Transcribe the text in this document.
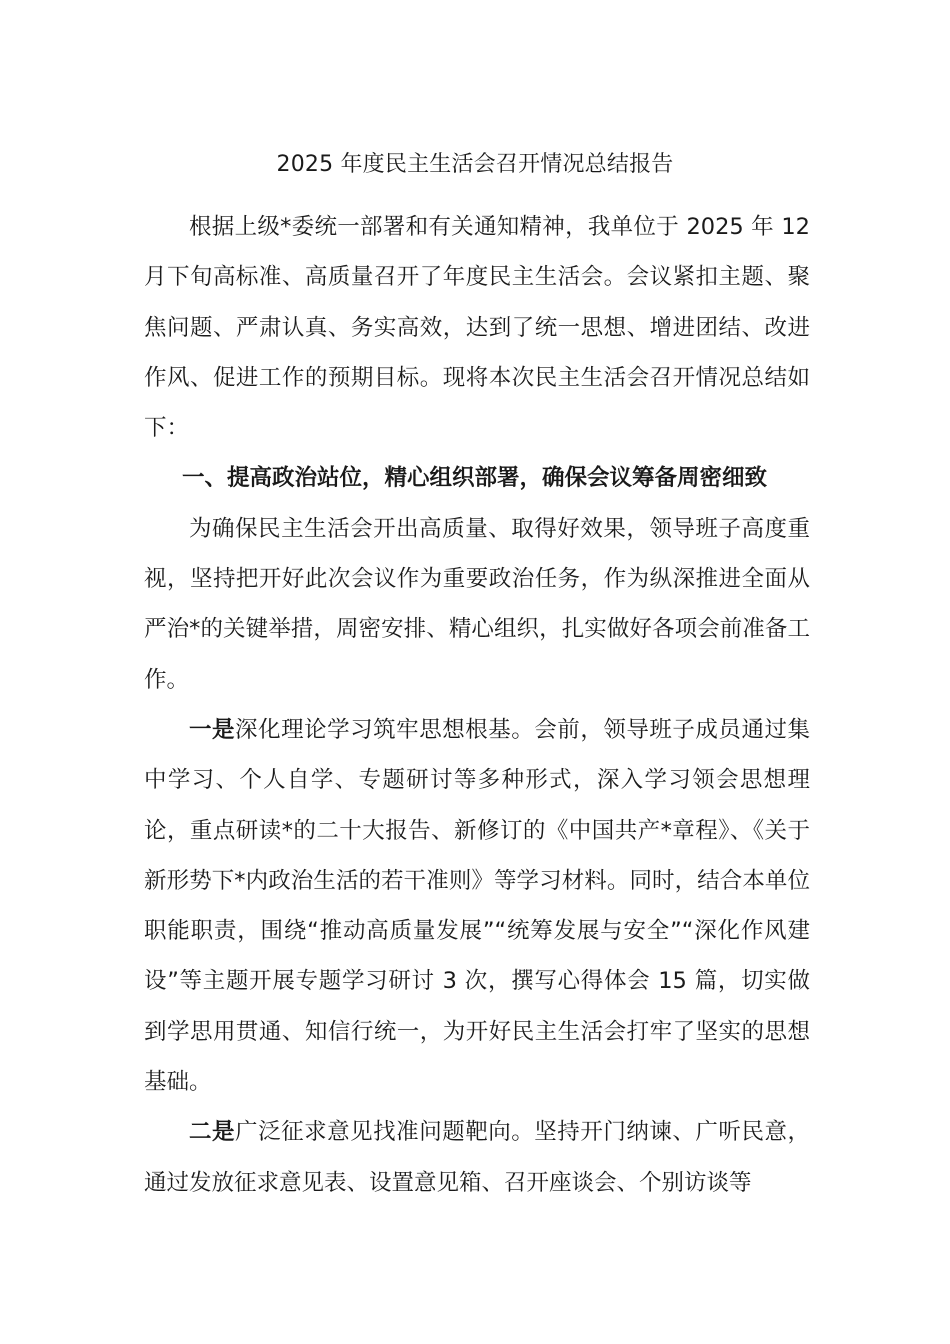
2025 年度民主生活会召开情况总结报告

根据上级*委统一部署和有关通知精神，我单位于 2025 年 12 月下旬高标准、高质量召开了年度民主生活会。会议紧扣主题、聚焦问题、严肃认真、务实高效，达到了统一思想、增进团结、改进作风、促进工作的预期目标。现将本次民主生活会召开情况总结如下：

一、提高政治站位，精心组织部署，确保会议筹备周密细致

为确保民主生活会开出高质量、取得好效果，领导班子高度重视，坚持把开好此次会议作为重要政治任务，作为纵深推进全面从严治*的关键举措，周密安排、精心组织，扎实做好各项会前准备工作。

一是深化理论学习筑牢思想根基。会前，领导班子成员通过集中学习、个人自学、专题研讨等多种形式，深入学习领会思想理论，重点研读*的二十大报告、新修订的《中国共产*章程》、《关于新形势下*内政治生活的若干准则》等学习材料。同时，结合本单位职能职责，围绕“推动高质量发展”“统筹发展与安全”“深化作风建设”等主题开展专题学习研讨 3 次，撰写心得体会 15 篇，切实做到学思用贯通、知信行统一，为开好民主生活会打牢了坚实的思想基础。

二是广泛征求意见找准问题靶向。坚持开门纳谏、广听民意，通过发放征求意见表、设置意见箱、召开座谈会、个别访谈等
